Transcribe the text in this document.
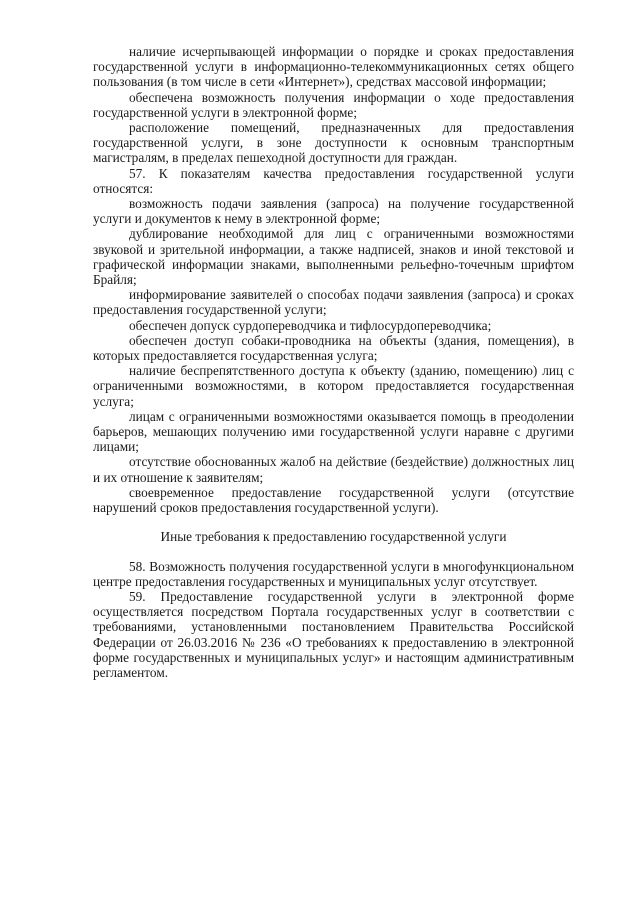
наличие исчерпывающей информации о порядке и сроках предоставления государственной услуги в информационно-телекоммуникационных сетях общего пользования (в том числе в сети «Интернет»), средствах массовой информации;

обеспечена возможность получения информации о ходе предоставления государственной услуги в электронной форме;

расположение помещений, предназначенных для предоставления государственной услуги, в зоне доступности к основным транспортным магистралям, в пределах пешеходной доступности для граждан.

57. К показателям качества предоставления государственной услуги относятся:

возможность подачи заявления (запроса) на получение государственной услуги и документов к нему в электронной форме;

дублирование необходимой для лиц с ограниченными возможностями звуковой и зрительной информации, а также надписей, знаков и иной текстовой и графической информации знаками, выполненными рельефно-точечным шрифтом Брайля;

информирование заявителей о способах подачи заявления (запроса) и сроках предоставления государственной услуги;

обеспечен допуск сурдопереводчика и тифлосурдопереводчика;

обеспечен доступ собаки-проводника на объекты (здания, помещения), в которых предоставляется государственная услуга;

наличие беспрепятственного доступа к объекту (зданию, помещению) лиц с ограниченными возможностями, в котором предоставляется государственная услуга;

лицам с ограниченными возможностями оказывается помощь в преодолении барьеров, мешающих получению ими государственной услуги наравне с другими лицами;

отсутствие обоснованных жалоб на действие (бездействие) должностных лиц и их отношение к заявителям;

своевременное предоставление государственной услуги (отсутствие нарушений сроков предоставления государственной услуги).

Иные требования к предоставлению государственной услуги

58. Возможность получения государственной услуги в многофункциональном центре предоставления государственных и муниципальных услуг отсутствует.

59. Предоставление государственной услуги в электронной форме осуществляется посредством Портала государственных услуг в соответствии с требованиями, установленными постановлением Правительства Российской Федерации от 26.03.2016 № 236 «О требованиях к предоставлению в электронной форме государственных и муниципальных услуг» и настоящим административным регламентом.
